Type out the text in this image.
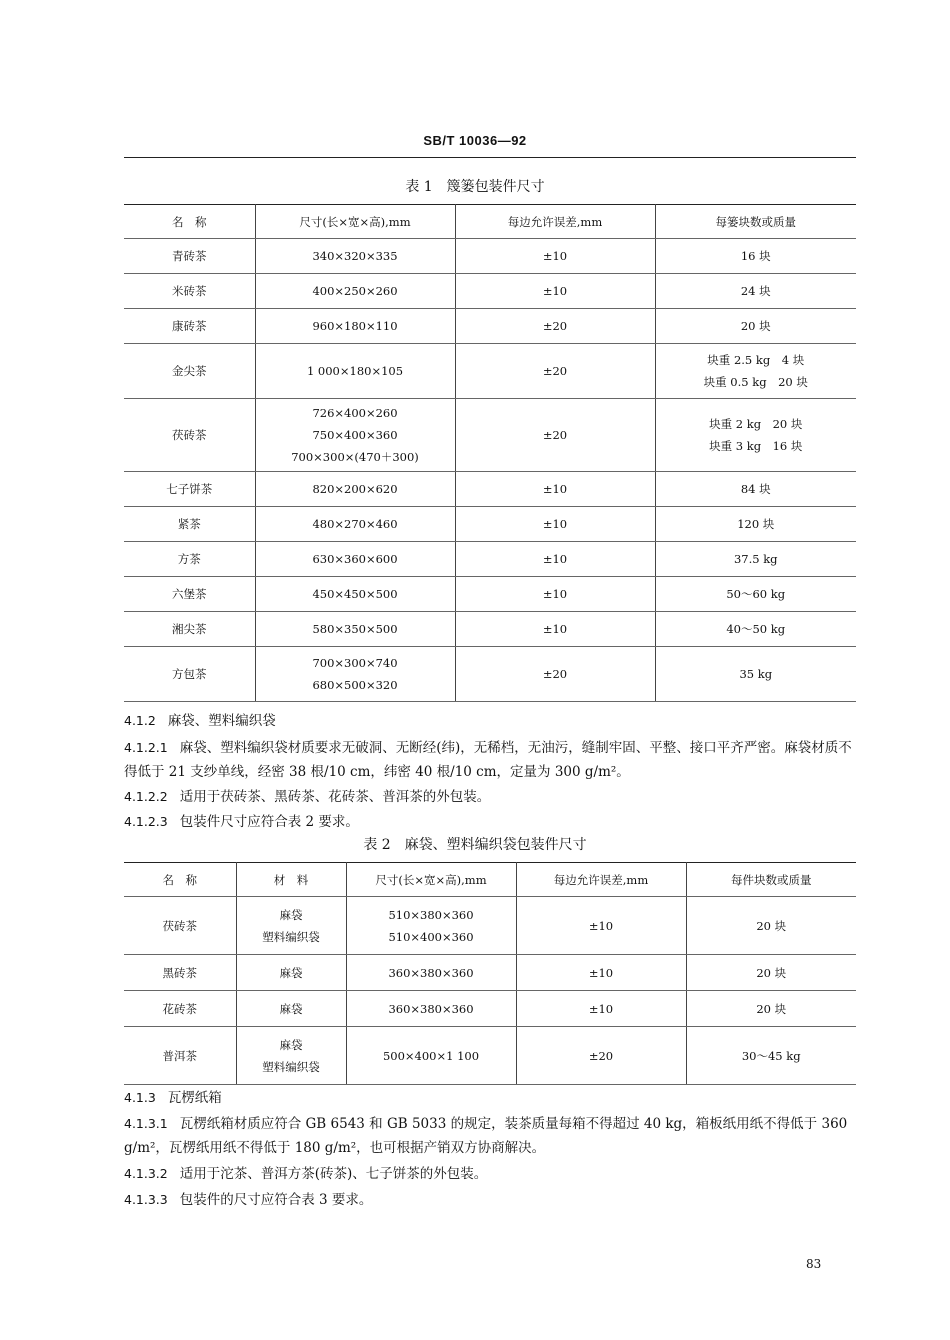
SB/T 10036—92
表 1　篾篓包装件尺寸
名　称	尺寸(长×宽×高),mm	每边允许误差,mm	每篓块数或质量
青砖茶	340×320×335	±10	16 块
米砖茶	400×250×260	±10	24 块
康砖茶	960×180×110	±20	20 块
金尖茶	1 000×180×105	±20	块重 2.5 kg　4 块
块重 0.5 kg　20 块

茯砖茶	726×400×260
750×400×360
700×300×(470＋300)	±20	块重 2 kg　20 块
块重 3 kg　16 块

七子饼茶	820×200×620	±10	84 块
紧茶	480×270×460	±10	120 块
方茶	630×360×600	±10	37.5 kg
六堡茶	450×450×500	±10	50～60 kg
湘尖茶	580×350×500	±10	40～50 kg
方包茶	700×300×740
680×500×320	±20	35 kg
4.1.2 麻袋、塑料编织袋
4.1.2.1 麻袋、塑料编织袋材质要求无破洞、无断经(纬)，无稀档，无油污，缝制牢固、平整、接口平齐严密。麻袋材质不得低于 21 支纱单线，经密 38 根/10 cm，纬密 40 根/10 cm，定量为 300 g/m²。
4.1.2.2 适用于茯砖茶、黑砖茶、花砖茶、普洱茶的外包装。
4.1.2.3 包装件尺寸应符合表 2 要求。
表 2　麻袋、塑料编织袋包装件尺寸
名　称	材　料	尺寸(长×宽×高),mm	每边允许误差,mm	每件块数或质量
茯砖茶	麻袋
塑料编织袋	510×380×360
510×400×360	±10	20 块
黑砖茶	麻袋	360×380×360	±10	20 块
花砖茶	麻袋	360×380×360	±10	20 块
普洱茶	麻袋
塑料编织袋	500×400×1 100	±20	30～45 kg
4.1.3 瓦楞纸箱
4.1.3.1 瓦楞纸箱材质应符合 GB 6543 和 GB 5033 的规定，装茶质量每箱不得超过 40 kg，箱板纸用纸不得低于 360 g/m²，瓦楞纸用纸不得低于 180 g/m²，也可根据产销双方协商解决。
4.1.3.2 适用于沱茶、普洱方茶(砖茶)、七子饼茶的外包装。
4.1.3.3 包装件的尺寸应符合表 3 要求。
83
